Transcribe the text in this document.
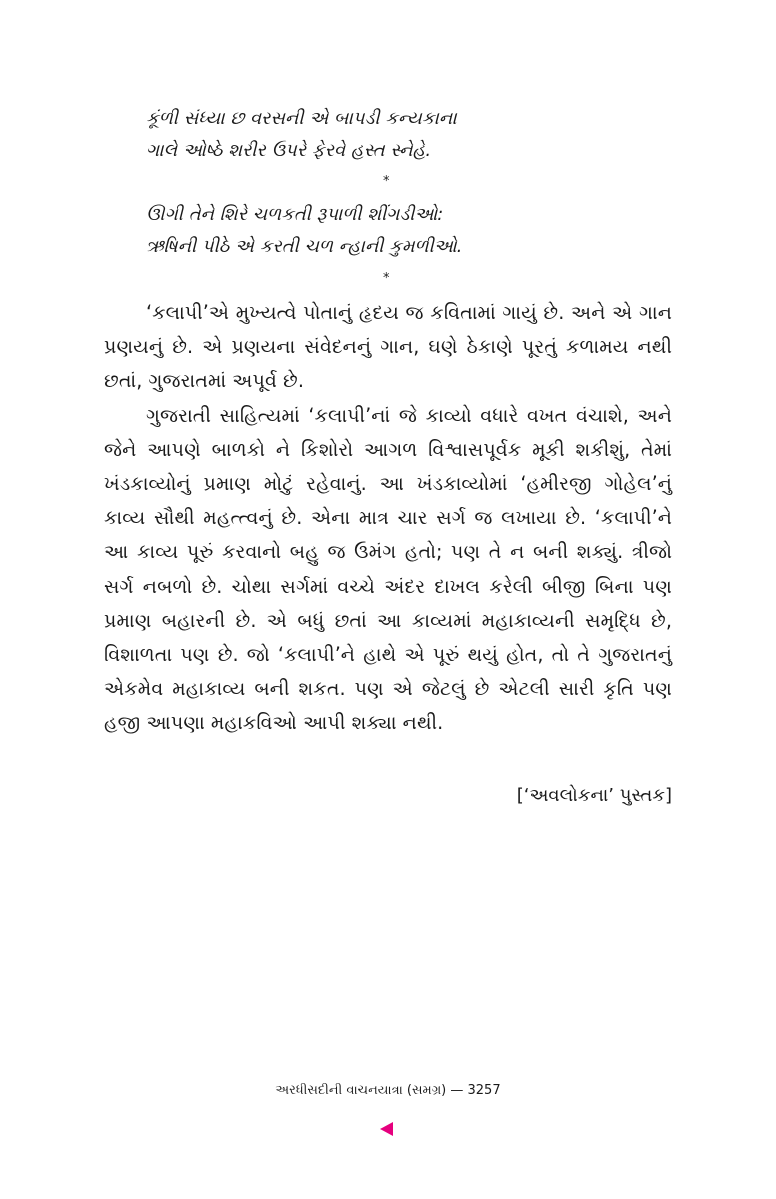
કૂંળી સંધ્યા છ વરસની એ બાપડી કન્યકાના
ગાલે ઓષ્ઠે શરીર ઉપરે ફેરવે હસ્ત સ્નેહે.
*
ઊગી તેને શિરે ચળકતી રૂપાળી શીંગડીઓ:
ઋષિની પીઠે એ કરતી ચળ ન્હાની કુમળીઓ.
*

‘કલાપી’એ મુખ્યત્વે પોતાનું હૃદય જ કવિતામાં ગાયું છે. અને એ ગાન પ્રણયનું છે. એ પ્રણયના સંવેદનનું ગાન, ઘણે ઠેકાણે પૂરતું કળામય નથી છતાં, ગુજરાતમાં અપૂર્વ છે.

ગુજરાતી સાહિત્યમાં ‘કલાપી’નાં જે કાવ્યો વધારે વખત વંચાશે, અને જેને આપણે બાળકો ને કિશોરો આગળ વિશ્વાસપૂર્વક મૂકી શકીશું, તેમાં ખંડકાવ્યોનું પ્રમાણ મોટું રહેવાનું. આ ખંડકાવ્યોમાં ‘હમીરજી ગોહેલ’નું કાવ્ય સૌથી મહત્ત્વનું છે. એના માત્ર ચાર સર્ગ જ લખાયા છે. ‘કલાપી’ને આ કાવ્ય પૂરું કરવાનો બહુ જ ઉમંગ હતો; પણ તે ન બની શક્યું. ત્રીજો સર્ગ નબળો છે. ચોથા સર્ગમાં વચ્ચે અંદર દાખલ કરેલી બીજી બિના પણ પ્રમાણ બહારની છે. એ બધું છતાં આ કાવ્યમાં મહાકાવ્યની સમૃદ્ધિ છે, વિશાળતા પણ છે. જો ‘કલાપી’ને હાથે એ પૂરું થયું હોત, તો તે ગુજરાતનું એકમેવ મહાકાવ્ય બની શકત. પણ એ જેટલું છે એટલી સારી કૃતિ પણ હજી આપણા મહાકવિઓ આપી શક્યા નથી.

[‘અવલોકના’ પુસ્તક]
અરધીસદીની વાચનયાત્રા (સમગ્ર) — 3257
